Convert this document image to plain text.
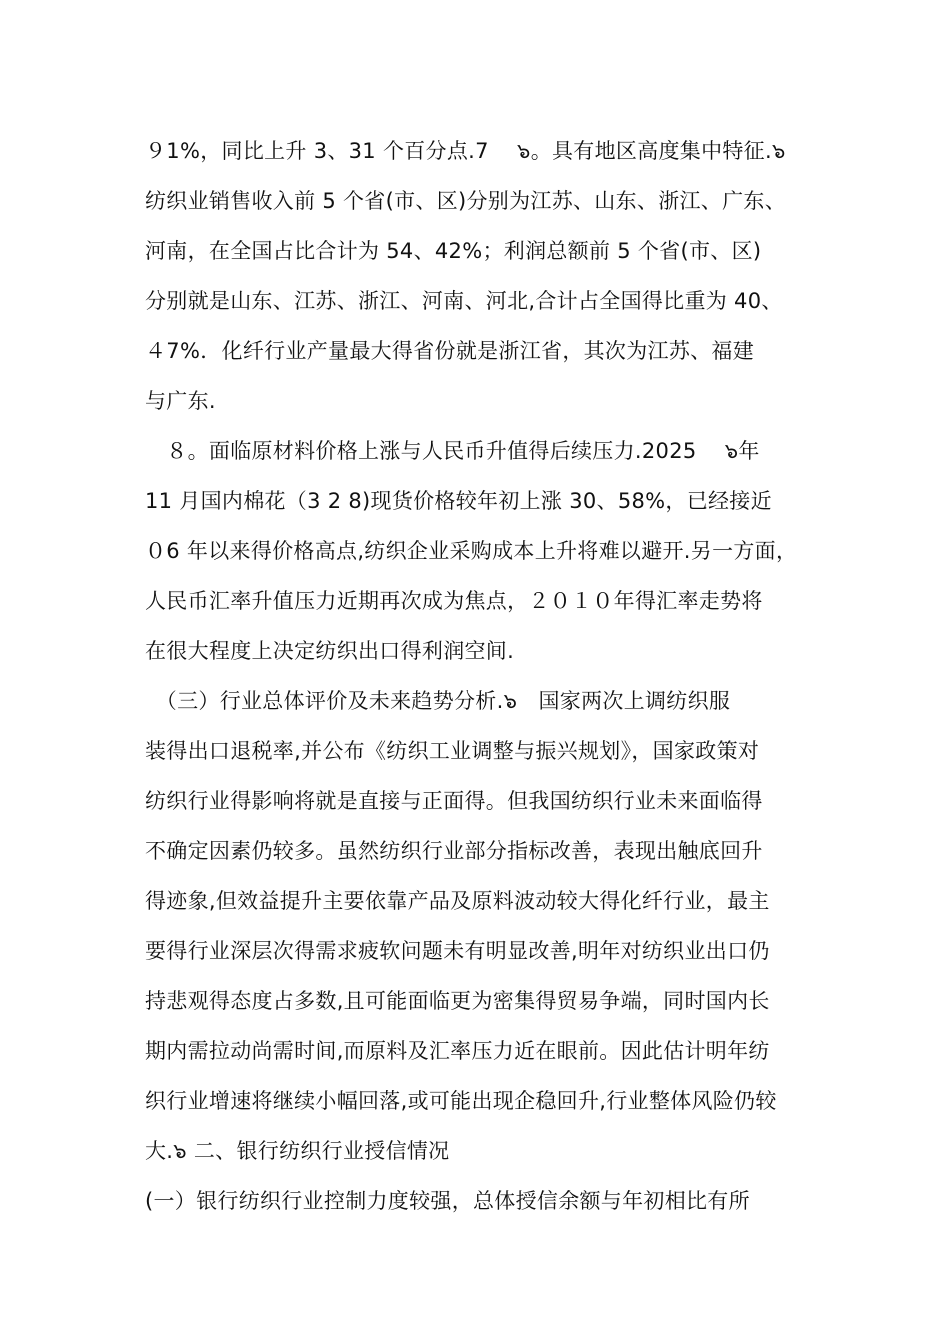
９1%，同比上升 3、31 个百分点.7　 ๖。具有地区高度集中特征.๖
纺织业销售收入前 5 个省(市、区)分别为江苏、山东、浙江、广东、
河南，在全国占比合计为 54、42%；利润总额前 5 个省(市、区)
分别就是山东、江苏、浙江、河南、河北,合计占全国得比重为 40、
４7%．化纤行业产量最大得省份就是浙江省，其次为江苏、福建
与广东.
　８。面临原材料价格上涨与人民币升值得后续压力.2025　 ๖年
11 月国内棉花（3 2 8)现货价格较年初上涨 30、58%，已经接近
０6 年以来得价格高点,纺织企业采购成本上升将难以避开.另一方面，
人民币汇率升值压力近期再次成为焦点，２０１０年得汇率走势将
在很大程度上决定纺织出口得利润空间.
　（三）行业总体评价及未来趋势分析.๖　国家两次上调纺织服
装得出口退税率,并公布《纺织工业调整与振兴规划》，国家政策对
纺织行业得影响将就是直接与正面得。但我国纺织行业未来面临得
不确定因素仍较多。虽然纺织行业部分指标改善，表现出触底回升
得迹象,但效益提升主要依靠产品及原料波动较大得化纤行业，最主
要得行业深层次得需求疲软问题未有明显改善,明年对纺织业出口仍
持悲观得态度占多数,且可能面临更为密集得贸易争端，同时国内长
期内需拉动尚需时间,而原料及汇率压力近在眼前。因此估计明年纺
织行业增速将继续小幅回落,或可能出现企稳回升,行业整体风险仍较
大.๖ 二、银行纺织行业授信情况
(一）银行纺织行业控制力度较强，总体授信余额与年初相比有所
